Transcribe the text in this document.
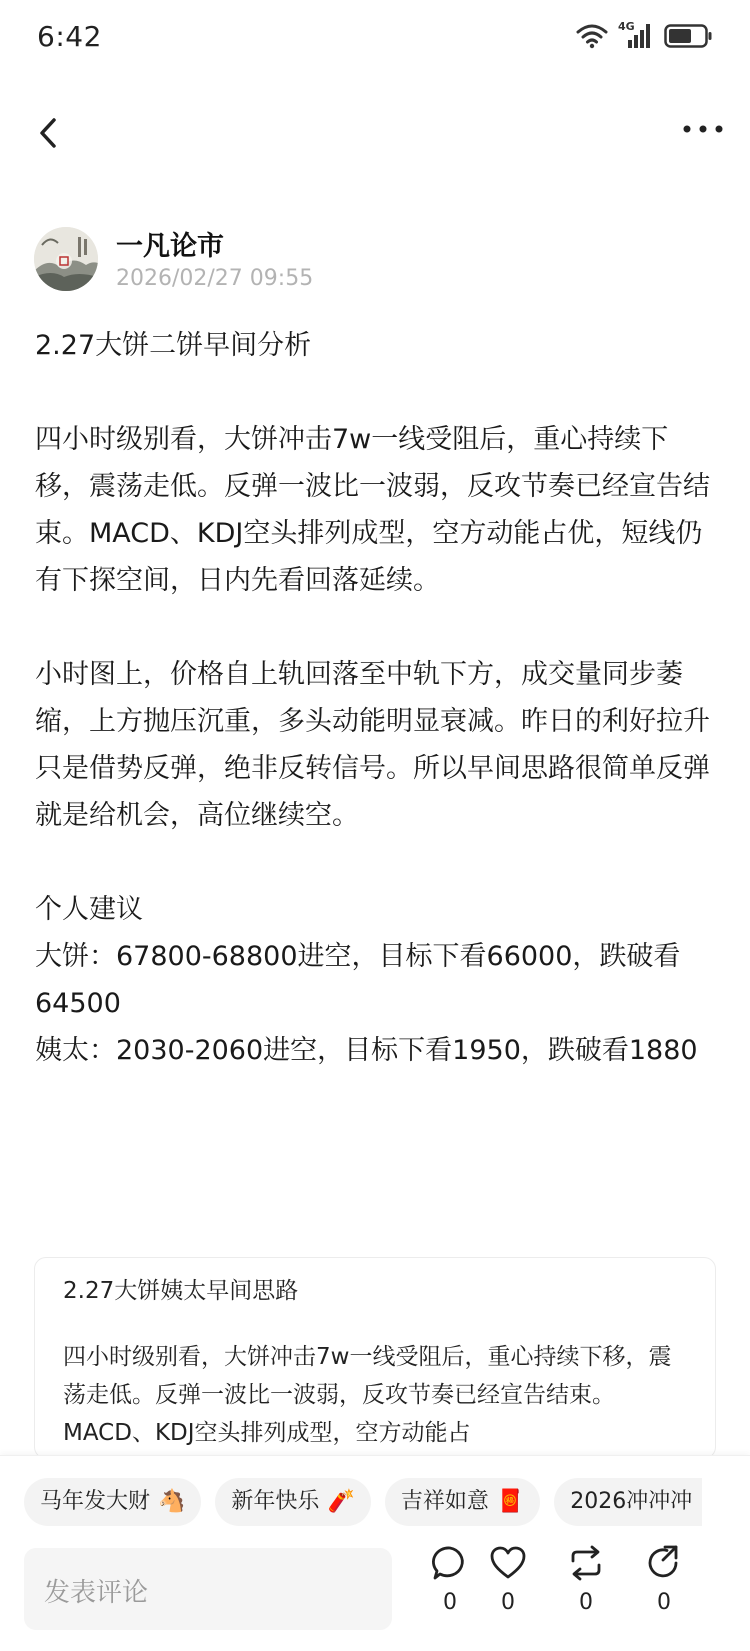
6:42	4G
一凡论市
2026/02/27 09:55

2.27大饼二饼早间分析

四小时级别看，大饼冲击7w一线受阻后，重心持续下移，震荡走低。反弹一波比一波弱，反攻节奏已经宣告结束。MACD、KDJ空头排列成型，空方动能占优，短线仍有下探空间，日内先看回落延续。

小时图上，价格自上轨回落至中轨下方，成交量同步萎缩，上方抛压沉重，多头动能明显衰减。昨日的利好拉升只是借势反弹，绝非反转信号。所以早间思路很简单反弹就是给机会，高位继续空。

个人建议

大饼：67800-68800进空，目标下看66000，跌破看64500

姨太：2030-2060进空，目标下看1950，跌破看1880

2.27大饼姨太早间思路
四小时级别看，大饼冲击7w一线受阻后，重心持续下移，震荡走低。反弹一波比一波弱，反攻节奏已经宣告结束。MACD、KDJ空头排列成型，空方动能占
马年发大财 🐴 新年快乐 🧨 吉祥如意 🧧 2026冲冲冲
发表评论	0	0	0	0
